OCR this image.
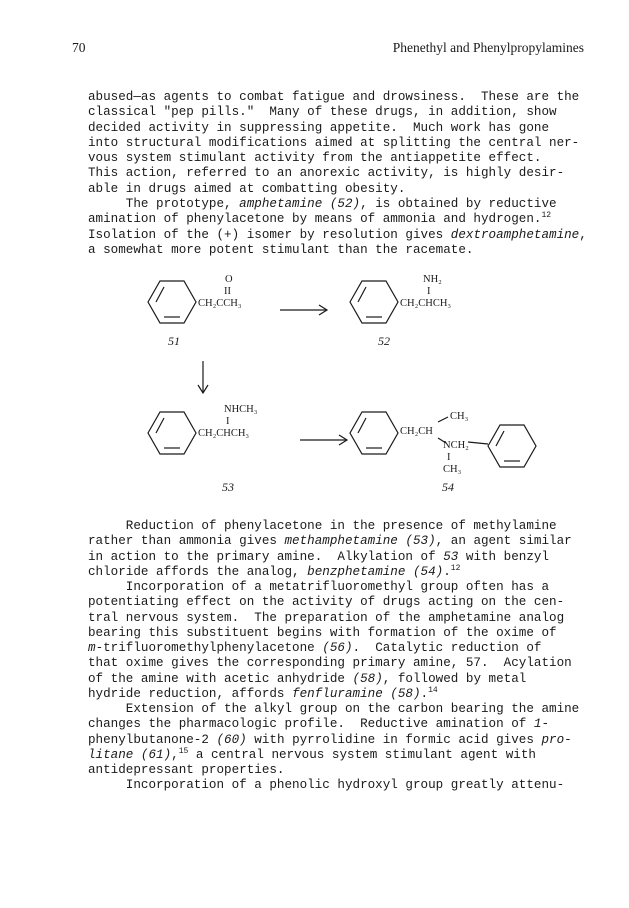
70	Phenethyl and Phenylpropylamines
abused—as agents to combat fatigue and drowsiness.  These are the
classical "pep pills."  Many of these drugs, in addition, show
decided activity in suppressing appetite.  Much work has gone
into structural modifications aimed at splitting the central ner-
vous system stimulant activity from the antiappetite effect.
This action, referred to an anorexic activity, is highly desir-
able in drugs aimed at combatting obesity.
The prototype, amphetamine (52), is obtained by reductive
amination of phenylacetone by means of ammonia and hydrogen.$^{12}$
Isolation of the (+) isomer by resolution gives dextroamphetamine,
a somewhat more potent stimulant than the racemate.
O
II
CH₂CCH₃
51
NH₂
I
CH₂CHCH₃
52
NHCH₃
I
CH₂CHCH₃
53
CH₃
CH₂CH
NCH₂
I
CH₃
54
Reduction of phenylacetone in the presence of methylamine
rather than ammonia gives methamphetamine (53), an agent similar
in action to the primary amine.  Alkylation of 53 with benzyl
chloride affords the analog, benzphetamine (54).$^{12}$
Incorporation of a metatrifluoromethyl group often has a
potentiating effect on the activity of drugs acting on the cen-
tral nervous system.  The preparation of the amphetamine analog
bearing this substituent begins with formation of the oxime of
m-trifluoromethylphenylacetone (56).  Catalytic reduction of
that oxime gives the corresponding primary amine, 57.  Acylation
of the amine with acetic anhydride (58), followed by metal
hydride reduction, affords fenfluramine (58).$^{14}$
Extension of the alkyl group on the carbon bearing the amine
changes the pharmacologic profile.  Reductive amination of 1-
phenylbutanone-2 (60) with pyrrolidine in formic acid gives pro-
litane (61),$^{15}$ a central nervous system stimulant agent with
antidepressant properties.
Incorporation of a phenolic hydroxyl group greatly attenu-
